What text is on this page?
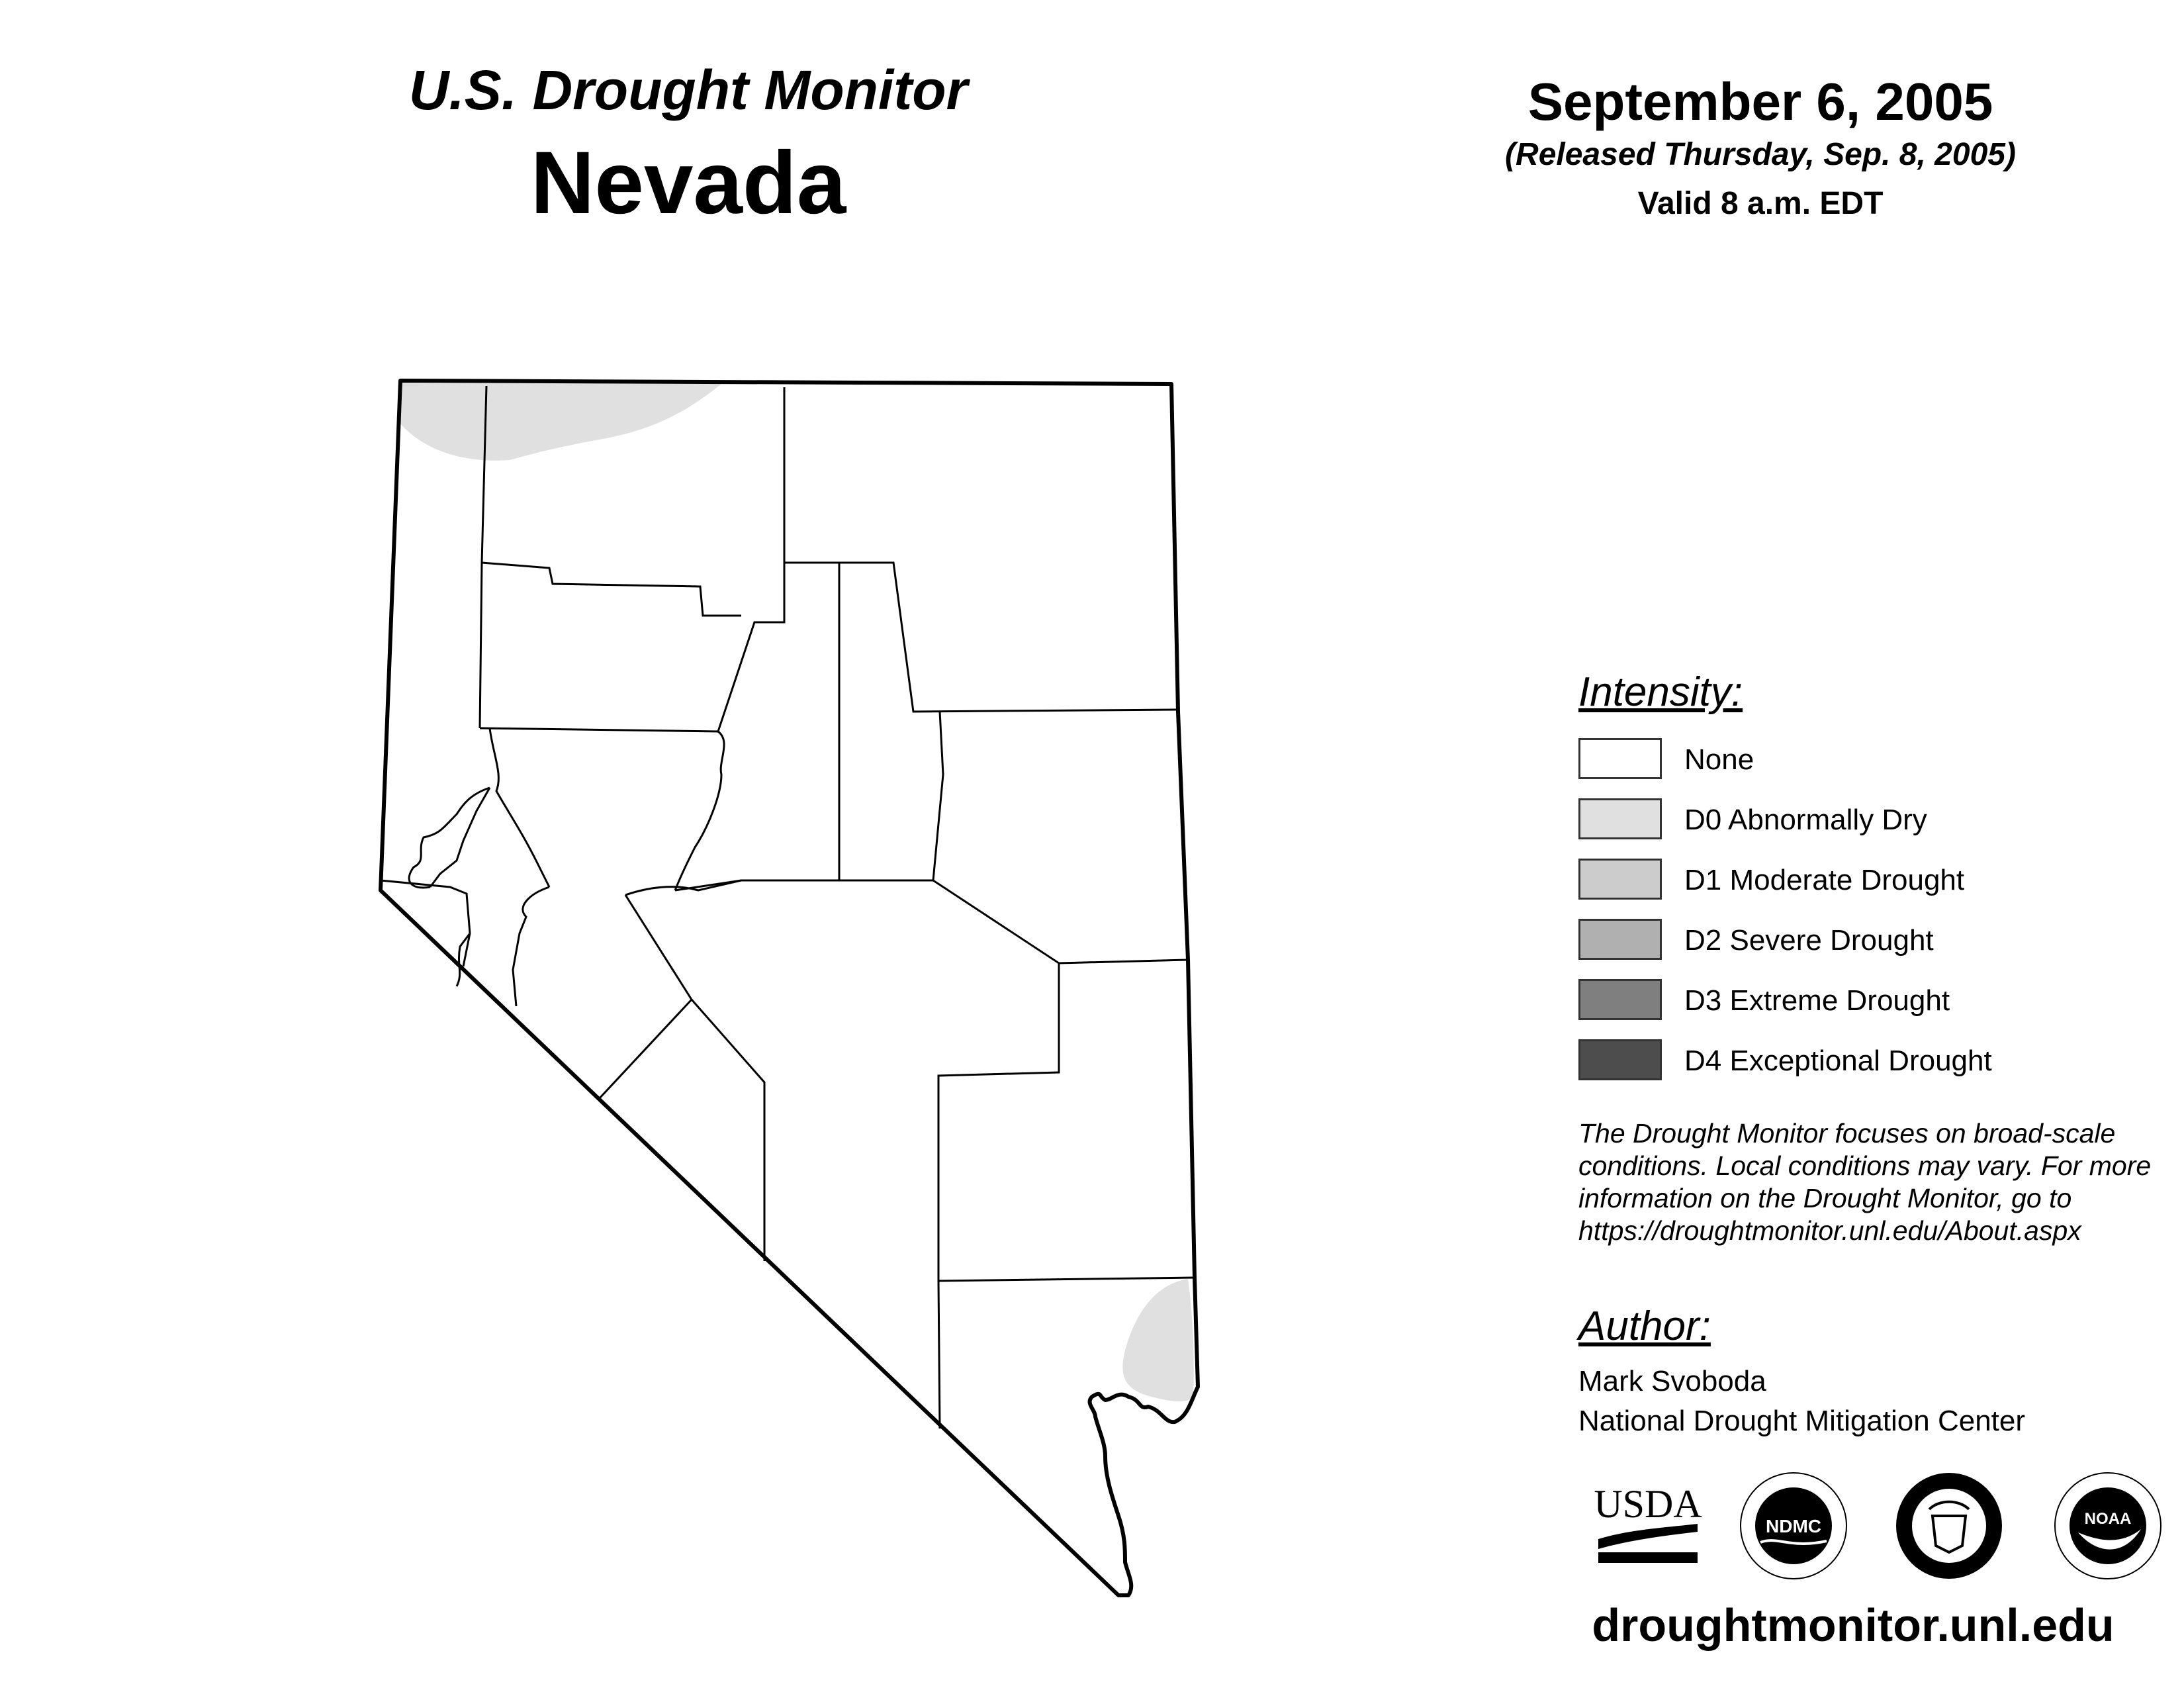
U.S. Drought Monitor
Nevada
September 6, 2005
(Released Thursday, Sep. 8, 2005)
Valid 8 a.m. EDT
Intensity:
None
D0 Abnormally Dry
D1 Moderate Drought
D2 Severe Drought
D3 Extreme Drought
D4 Exceptional Drought
The Drought Monitor focuses on broad-scale conditions. Local conditions may vary. For more information on the Drought Monitor, go to https://droughtmonitor.unl.edu/About.aspx
Author:
Mark Svoboda
National Drought Mitigation Center
USDA
NDMC	NOAA
droughtmonitor.unl.edu
